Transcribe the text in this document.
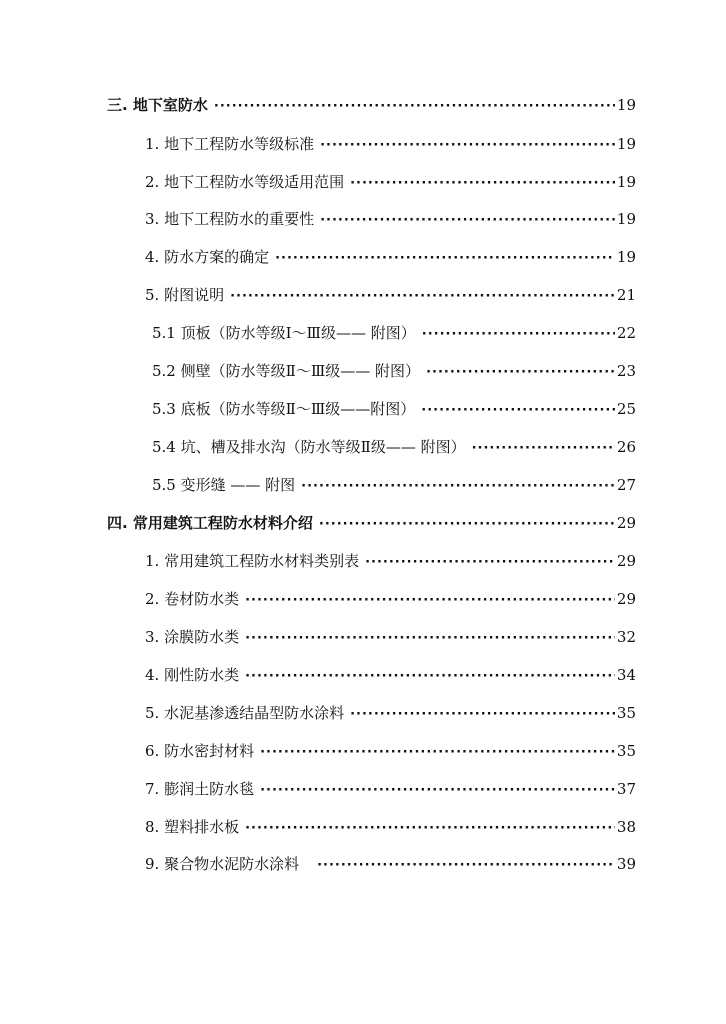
三. 地下室防水 ·····	19
1. 地下工程防水等级标准 ·····	19
2. 地下工程防水等级适用范围 ·····	19
3. 地下工程防水的重要性 ·····	19
4. 防水方案的确定 ·····	19
5. 附图说明 ·····	21
5.1 顶板（防水等级Ⅰ～Ⅲ级—— 附图） ·····	22
5.2 侧壁（防水等级Ⅱ～Ⅲ级—— 附图） ·····	23
5.3 底板（防水等级Ⅱ～Ⅲ级——附图） ·····	25
5.4 坑、槽及排水沟（防水等级Ⅱ级—— 附图） ·····	26
5.5 变形缝 —— 附图 ·····	27
四. 常用建筑工程防水材料介绍 ·····	29
1. 常用建筑工程防水材料类别表 ·····	29
2. 卷材防水类 ·····	29
3. 涂膜防水类 ·····	32
4. 刚性防水类 ·····	34
5. 水泥基渗透结晶型防水涂料 ·····	35
6. 防水密封材料 ·····	35
7. 膨润土防水毯 ·····	37
8. 塑料排水板 ·····	38
9. 聚合物水泥防水涂料 ·····	39
